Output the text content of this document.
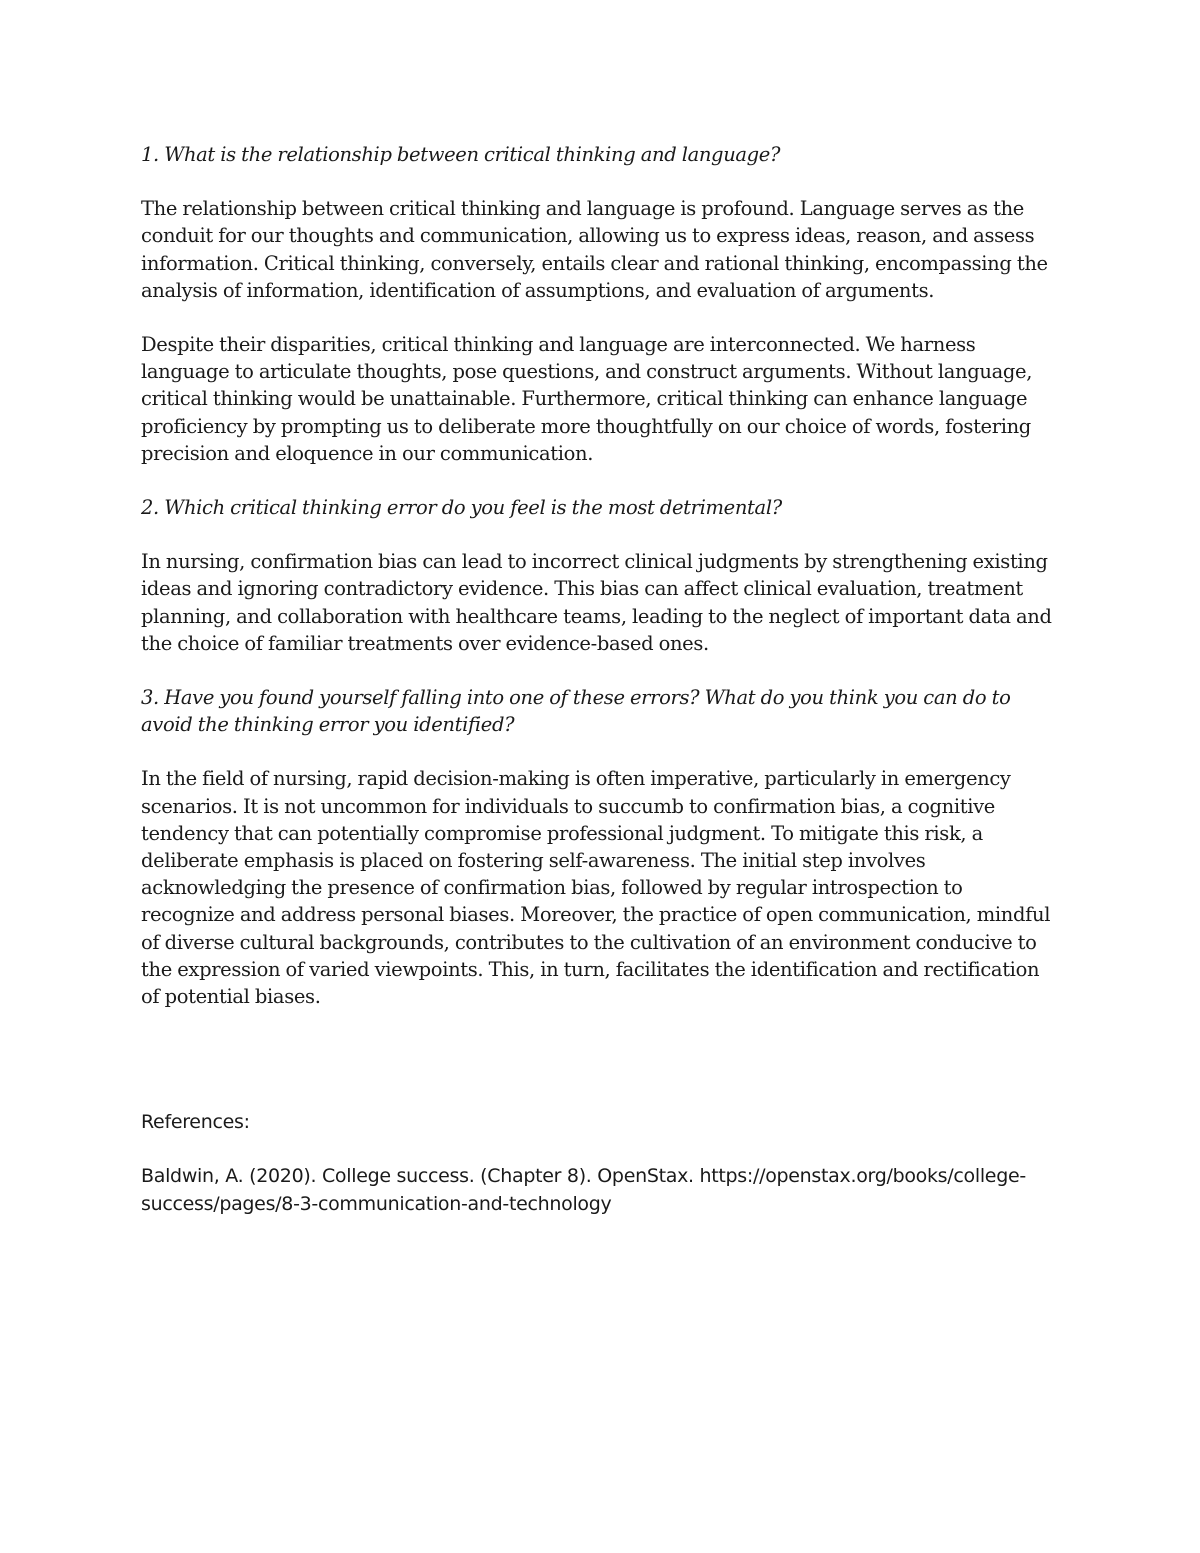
1. What is the relationship between critical thinking and language?

The relationship between critical thinking and language is profound. Language serves as the conduit for our thoughts and communication, allowing us to express ideas, reason, and assess information. Critical thinking, conversely, entails clear and rational thinking, encompassing the analysis of information, identification of assumptions, and evaluation of arguments.

Despite their disparities, critical thinking and language are interconnected. We harness language to articulate thoughts, pose questions, and construct arguments. Without language, critical thinking would be unattainable. Furthermore, critical thinking can enhance language proficiency by prompting us to deliberate more thoughtfully on our choice of words, fostering precision and eloquence in our communication.

2. Which critical thinking error do you feel is the most detrimental?

In nursing, confirmation bias can lead to incorrect clinical judgments by strengthening existing ideas and ignoring contradictory evidence. This bias can affect clinical evaluation, treatment planning, and collaboration with healthcare teams, leading to the neglect of important data and the choice of familiar treatments over evidence-based ones.

3. Have you found yourself falling into one of these errors? What do you think you can do to avoid the thinking error you identified?

In the field of nursing, rapid decision-making is often imperative, particularly in emergency scenarios. It is not uncommon for individuals to succumb to confirmation bias, a cognitive tendency that can potentially compromise professional judgment. To mitigate this risk, a deliberate emphasis is placed on fostering self-awareness. The initial step involves acknowledging the presence of confirmation bias, followed by regular introspection to recognize and address personal biases. Moreover, the practice of open communication, mindful of diverse cultural backgrounds, contributes to the cultivation of an environment conducive to the expression of varied viewpoints. This, in turn, facilitates the identification and rectification of potential biases.

References:

Baldwin, A. (2020). College success. (Chapter 8). OpenStax. https://openstax.org/books/college-success/pages/8-3-communication-and-technology
